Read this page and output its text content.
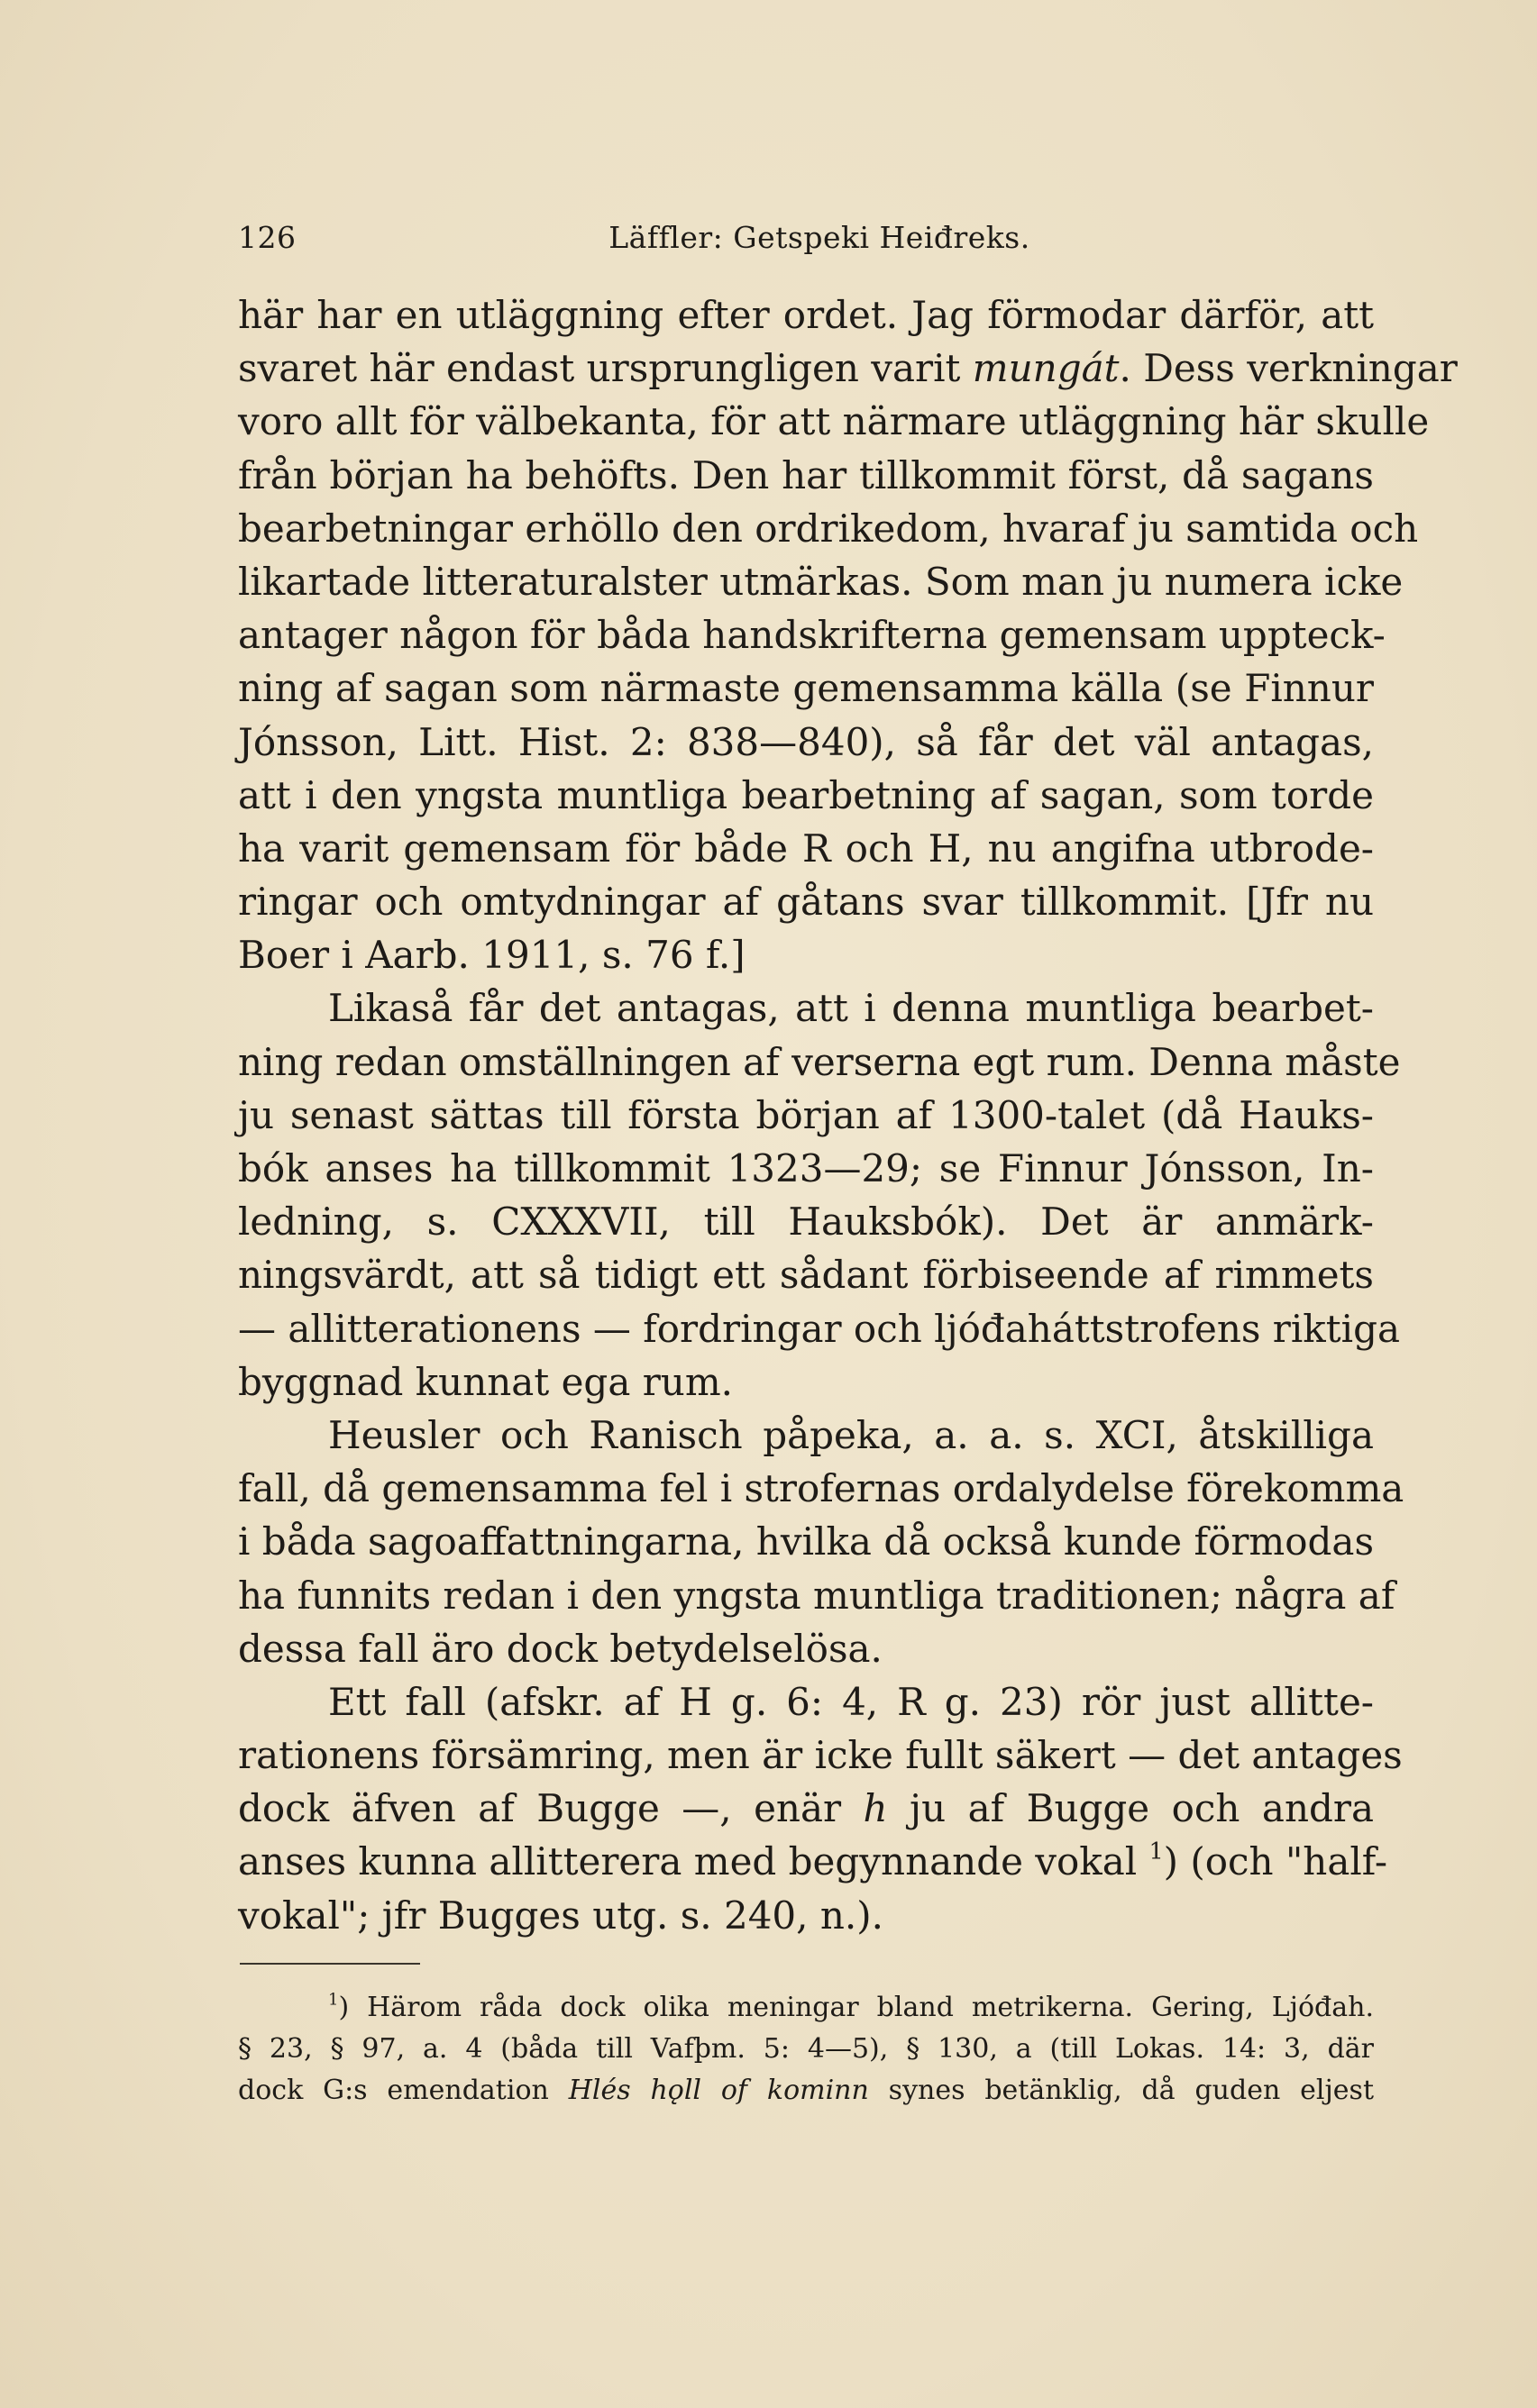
126	Läffler: Getspeki Heiđreks.
här har en utläggning efter ordet. Jag förmodar därför, att
svaret här endast ursprungligen varit mungát. Dess verkningar
voro allt för välbekanta, för att närmare utläggning här skulle
från början ha behöfts. Den har tillkommit först, då sagans
bearbetningar erhöllo den ordrikedom, hvaraf ju samtida och
likartade litteraturalster utmärkas. Som man ju numera icke
antager någon för båda handskrifterna gemensam uppteck-
ning af sagan som närmaste gemensamma källa (se Finnur
Jónsson, Litt. Hist. 2: 838—840), så får det väl antagas,
att i den yngsta muntliga bearbetning af sagan, som torde
ha varit gemensam för både R och H, nu angifna utbrode-
ringar och omtydningar af gåtans svar tillkommit. [Jfr nu
Boer i Aarb. 1911, s. 76 f.]
Likaså får det antagas, att i denna muntliga bearbet-
ning redan omställningen af verserna egt rum. Denna måste
ju senast sättas till första början af 1300-talet (då Hauks-
bók anses ha tillkommit 1323—29; se Finnur Jónsson, In-
ledning, s. CXXXVII, till Hauksbók). Det är anmärk-
ningsvärdt, att så tidigt ett sådant förbiseende af rimmets
— allitterationens — fordringar och ljóđaháttstrofens riktiga
byggnad kunnat ega rum.
Heusler och Ranisch påpeka, a. a. s. XCI, åtskilliga
fall, då gemensamma fel i strofernas ordalydelse förekomma
i båda sagoaffattningarna, hvilka då också kunde förmodas
ha funnits redan i den yngsta muntliga traditionen; några af
dessa fall äro dock betydelselösa.
Ett fall (afskr. af H g. 6: 4, R g. 23) rör just allitte-
rationens försämring, men är icke fullt säkert — det antages
dock äfven af Bugge —, enär h ju af Bugge och andra
anses kunna allitterera med begynnande vokal $^1$) (och "half-
vokal"; jfr Bugges utg. s. 240, n.).
$^1$) Härom råda dock olika meningar bland metrikerna. Gering, Ljóđah.
§ 23, § 97, a. 4 (båda till Vafþm. 5: 4—5), § 130, a (till Lokas. 14: 3, där
dock G:s emendation Hlés hǫll of kominn synes betänklig, då guden eljest
